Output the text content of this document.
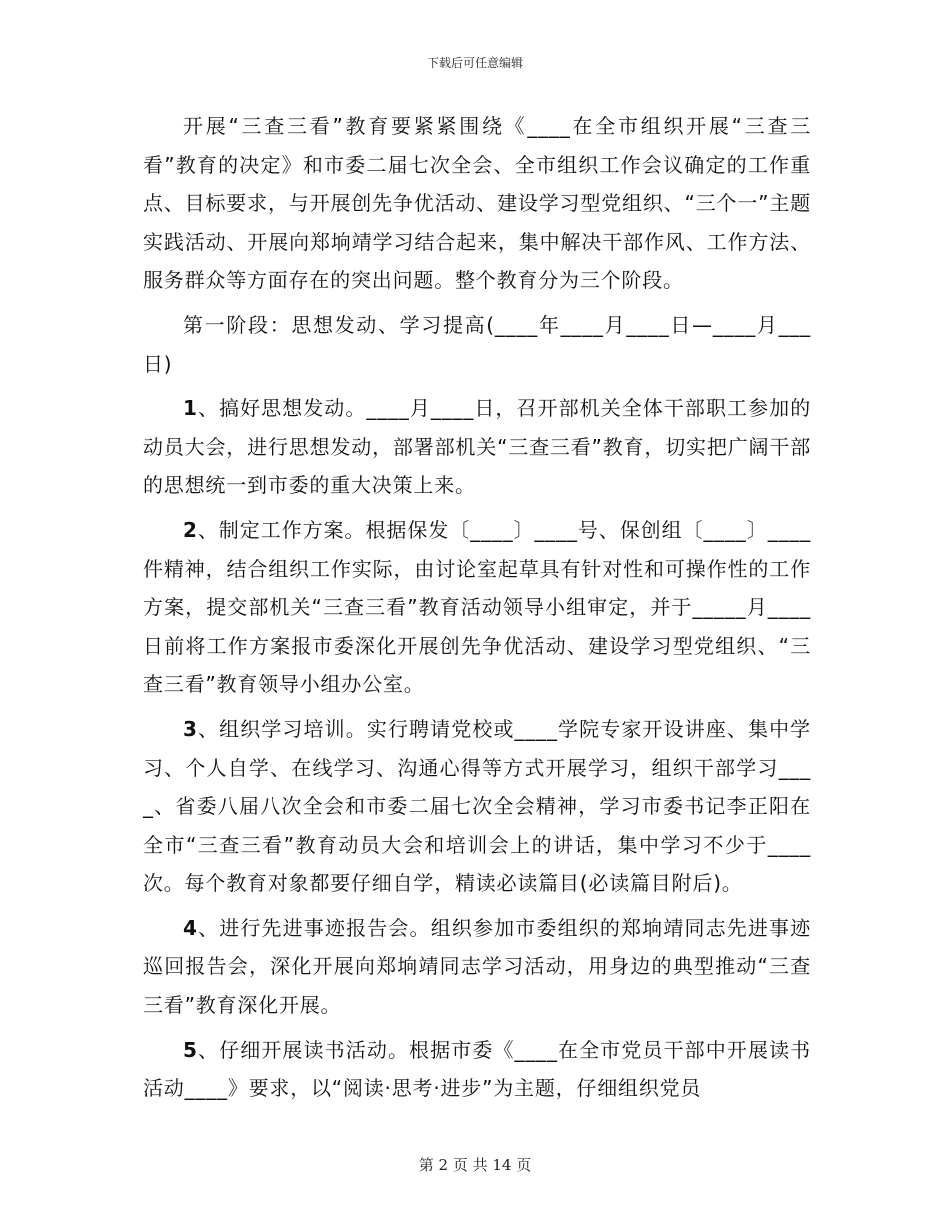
下载后可任意编辑

开展“三查三看”教育要紧紧围绕《____在全市组织开展“三查三看”教育的决定》和市委二届七次全会、全市组织工作会议确定的工作重点、目标要求，与开展创先争优活动、建设学习型党组织、“三个一”主题实践活动、开展向郑垧靖学习结合起来，集中解决干部作风、工作方法、服务群众等方面存在的突出问题。整个教育分为三个阶段。

第一阶段：思想发动、学习提高(____年____月____日—____月___日)

1、搞好思想发动。____月____日，召开部机关全体干部职工参加的动员大会，进行思想发动，部署部机关“三查三看”教育，切实把广阔干部的思想统一到市委的重大决策上来。

2、制定工作方案。根据保发〔____〕____号、保创组〔____〕____件精神，结合组织工作实际，由讨论室起草具有针对性和可操作性的工作方案，提交部机关“三查三看”教育活动领导小组审定，并于_____月____日前将工作方案报市委深化开展创先争优活动、建设学习型党组织、“三查三看”教育领导小组办公室。

3、组织学习培训。实行聘请党校或____学院专家开设讲座、集中学习、个人自学、在线学习、沟通心得等方式开展学习，组织干部学习____、省委八届八次全会和市委二届七次全会精神，学习市委书记李正阳在全市“三查三看”教育动员大会和培训会上的讲话，集中学习不少于____次。每个教育对象都要仔细自学，精读必读篇目(必读篇目附后)。

4、进行先进事迹报告会。组织参加市委组织的郑垧靖同志先进事迹巡回报告会，深化开展向郑垧靖同志学习活动，用身边的典型推动“三查三看”教育深化开展。

5、仔细开展读书活动。根据市委《____在全市党员干部中开展读书活动____》要求，以“阅读·思考·进步”为主题，仔细组织党员

第 2 页 共 14 页
